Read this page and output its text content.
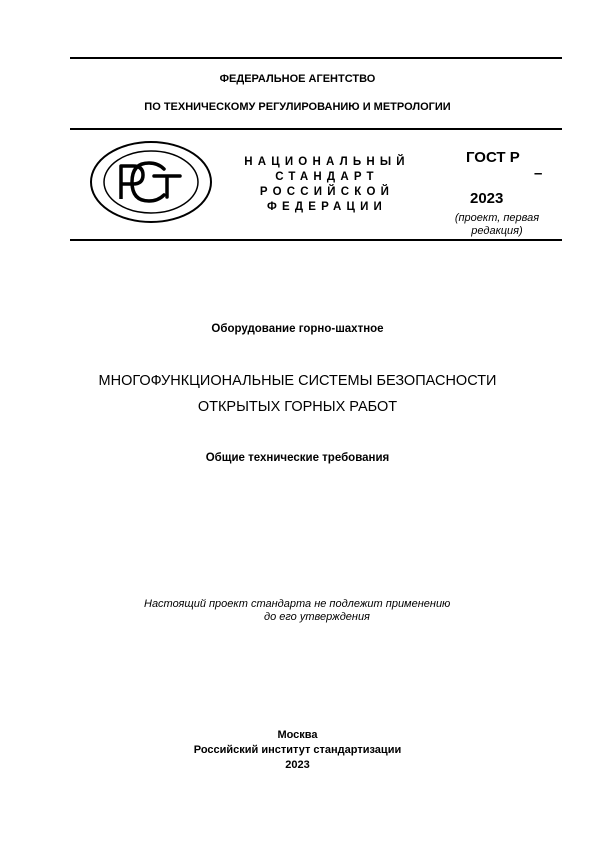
ФЕДЕРАЛЬНОЕ АГЕНТСТВО
ПО ТЕХНИЧЕСКОМУ РЕГУЛИРОВАНИЮ И МЕТРОЛОГИИ
НАЦИОНАЛЬНЫЙ
СТАНДАРТ
РОССИЙСКОЙ
ФЕДЕРАЦИИ
ГОСТ Р
–
2023
(проект, первая
редакция)
Оборудование горно-шахтное
МНОГОФУНКЦИОНАЛЬНЫЕ СИСТЕМЫ БЕЗОПАСНОСТИ
ОТКРЫТЫХ ГОРНЫХ РАБОТ
Общие технические требования
Настоящий проект стандарта не подлежит применению
до его утверждения
Москва
Российский институт стандартизации
2023
